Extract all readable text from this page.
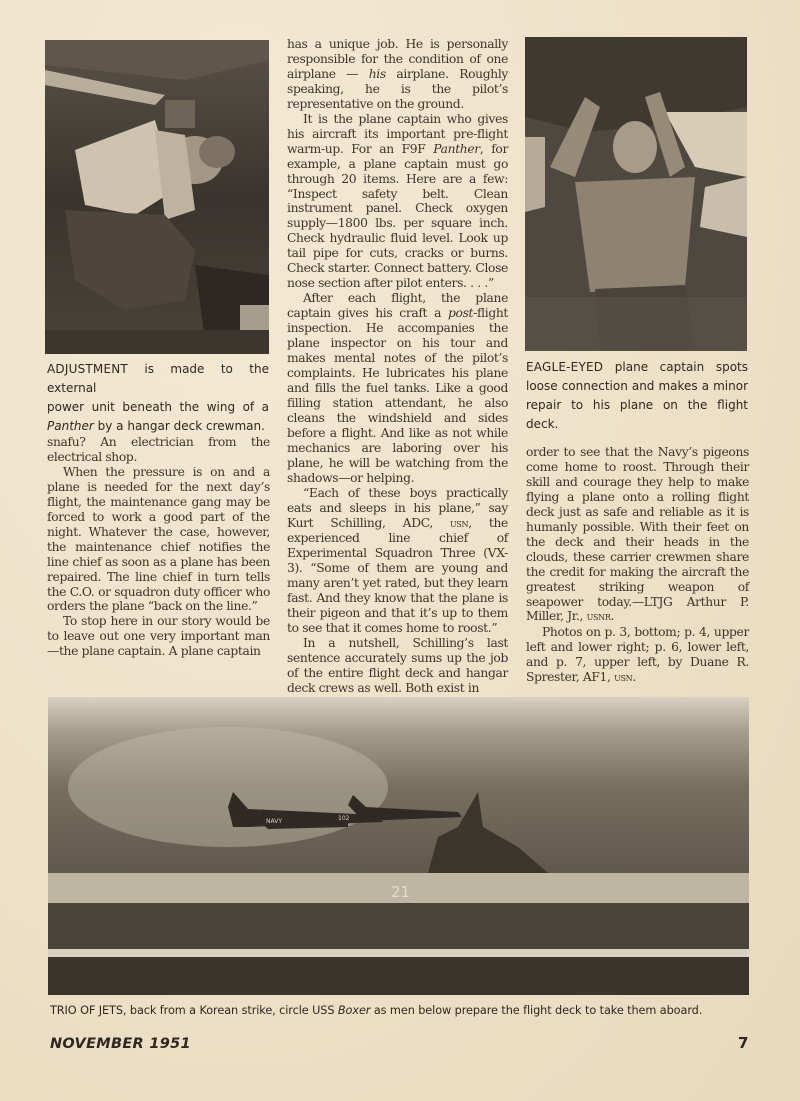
ADJUSTMENT is made to the external
power unit beneath the wing of a
Panther by a hangar deck crewman.

has a unique job. He is personally responsible for the condition of one airplane — his airplane. Roughly speaking, he is the pilot’s representative on the ground.

It is the plane captain who gives his aircraft its important pre-flight warm-up. For an F9F Panther, for example, a plane captain must go through 20 items. Here are a few: “Inspect safety belt. Clean instrument panel. Check oxygen supply—1800 lbs. per square inch. Check hydraulic fluid level. Look up tail pipe for cuts, cracks or burns. Check starter. Connect battery. Close nose section after pilot enters. . . .”

After each flight, the plane captain gives his craft a post-flight inspection. He accompanies the plane inspector on his tour and makes mental notes of the pilot’s complaints. He lubricates his plane and fills the fuel tanks. Like a good filling station attendant, he also cleans the windshield and sides before a flight. And like as not while mechanics are laboring over his plane, he will be watching from the shadows—or helping.

“Each of these boys practically eats and sleeps in his plane,” say Kurt Schilling, ADC, usn, the experienced line chief of Experimental Squadron Three (VX-3). “Some of them are young and many aren’t yet rated, but they learn fast. And they know that the plane is their pigeon and that it’s up to them to see that it comes home to roost.”

In a nutshell, Schilling’s last sentence accurately sums up the job of the entire flight deck and hangar deck crews as well. Both exist in

EAGLE-EYED plane captain spots
loose connection and makes a minor
repair to his plane on the flight deck.

snafu? An electrician from the electrical shop.

When the pressure is on and a plane is needed for the next day’s flight, the maintenance gang may be forced to work a good part of the night. Whatever the case, however, the maintenance chief notifies the line chief as soon as a plane has been repaired. The line chief in turn tells the C.O. or squadron duty officer who orders the plane “back on the line.”

To stop here in our story would be to leave out one very important man —the plane captain. A plane captain

order to see that the Navy’s pigeons come home to roost. Through their skill and courage they help to make flying a plane onto a rolling flight deck just as safe and reliable as it is humanly possible. With their feet on the deck and their heads in the clouds, these carrier crewmen share the credit for making the aircraft the greatest striking weapon of seapower today.—LTJG Arthur P. Miller, Jr., usnr.

Photos on p. 3, bottom; p. 4, upper left and lower right; p. 6, lower left, and p. 7, upper left, by Duane R. Sprester, AF1, usn.

NAVY	102
21
TRIO OF JETS, back from a Korean strike, circle USS Boxer as men below prepare the flight deck to take them aboard.
NOVEMBER 1951	7
